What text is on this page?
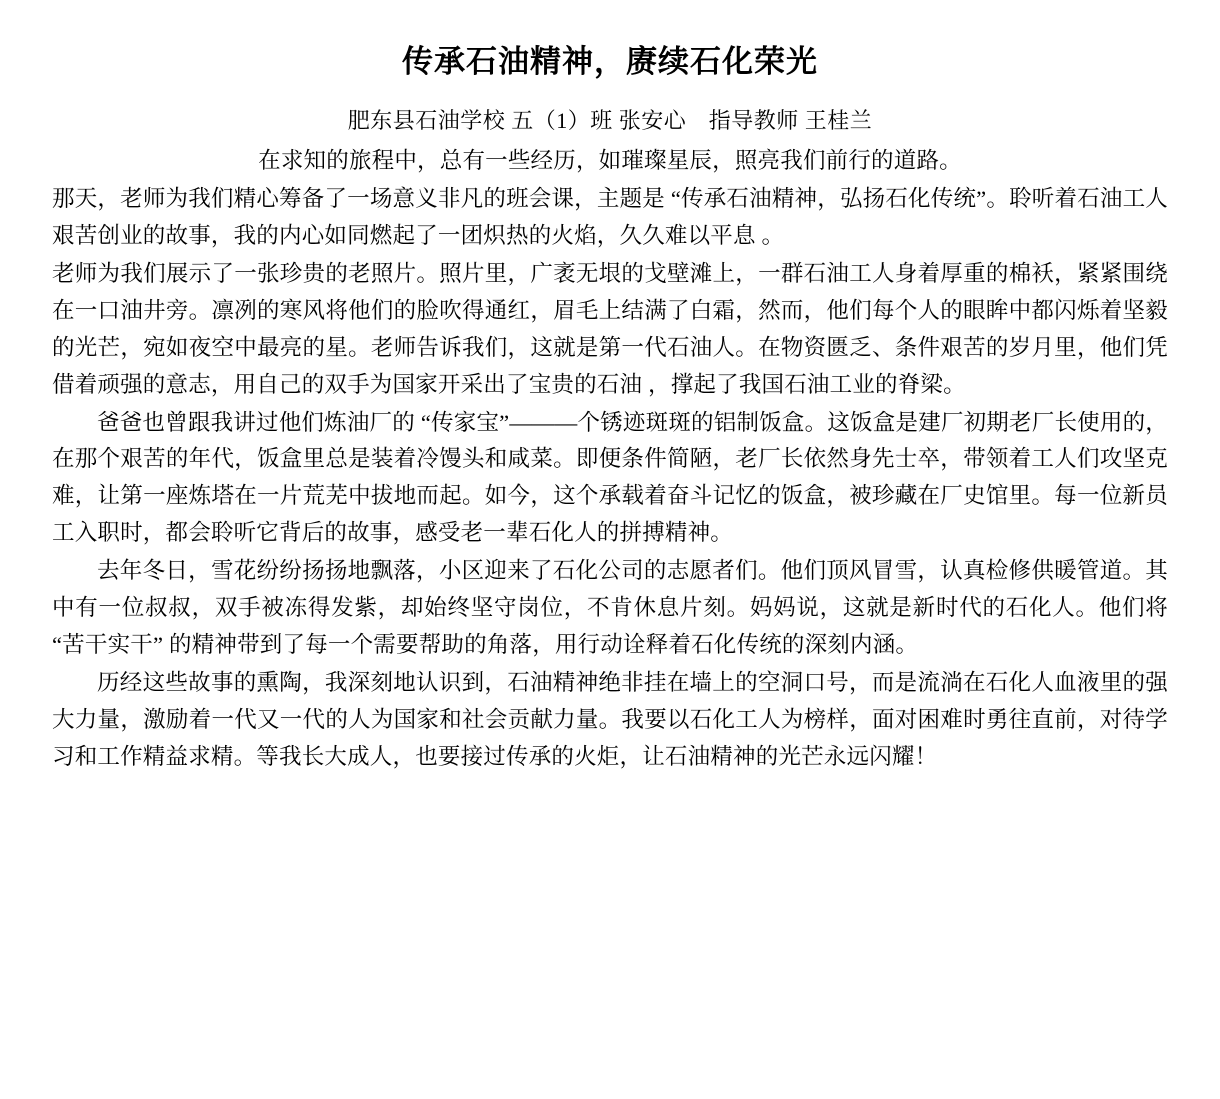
传承石油精神，赓续石化荣光

肥东县石油学校 五（1）班 张安心　指导教师 王桂兰

在求知的旅程中，总有一些经历，如璀璨星辰，照亮我们前行的道路。

那天，老师为我们精心筹备了一场意义非凡的班会课，主题是 “传承石油精神，弘扬石化传统”。聆听着石油工人艰苦创业的故事，我的内心如同燃起了一团炽热的火焰，久久难以平息 。

老师为我们展示了一张珍贵的老照片。照片里，广袤无垠的戈壁滩上，一群石油工人身着厚重的棉袄，紧紧围绕在一口油井旁。凛冽的寒风将他们的脸吹得通红，眉毛上结满了白霜，然而，他们每个人的眼眸中都闪烁着坚毅的光芒，宛如夜空中最亮的星。老师告诉我们，这就是第一代石油人。在物资匮乏、条件艰苦的岁月里，他们凭借着顽强的意志，用自己的双手为国家开采出了宝贵的石油 ，撑起了我国石油工业的脊梁。

爸爸也曾跟我讲过他们炼油厂的 “传家宝”———个锈迹斑斑的铝制饭盒。这饭盒是建厂初期老厂长使用的，在那个艰苦的年代，饭盒里总是装着冷馒头和咸菜。即便条件简陋，老厂长依然身先士卒，带领着工人们攻坚克难，让第一座炼塔在一片荒芜中拔地而起。如今，这个承载着奋斗记忆的饭盒，被珍藏在厂史馆里。每一位新员工入职时，都会聆听它背后的故事，感受老一辈石化人的拼搏精神。

去年冬日，雪花纷纷扬扬地飘落，小区迎来了石化公司的志愿者们。他们顶风冒雪，认真检修供暖管道。其中有一位叔叔，双手被冻得发紫，却始终坚守岗位，不肯休息片刻。妈妈说，这就是新时代的石化人。他们将 “苦干实干” 的精神带到了每一个需要帮助的角落，用行动诠释着石化传统的深刻内涵。

历经这些故事的熏陶，我深刻地认识到，石油精神绝非挂在墙上的空洞口号，而是流淌在石化人血液里的强大力量，激励着一代又一代的人为国家和社会贡献力量。我要以石化工人为榜样，面对困难时勇往直前，对待学习和工作精益求精。等我长大成人，也要接过传承的火炬，让石油精神的光芒永远闪耀！
